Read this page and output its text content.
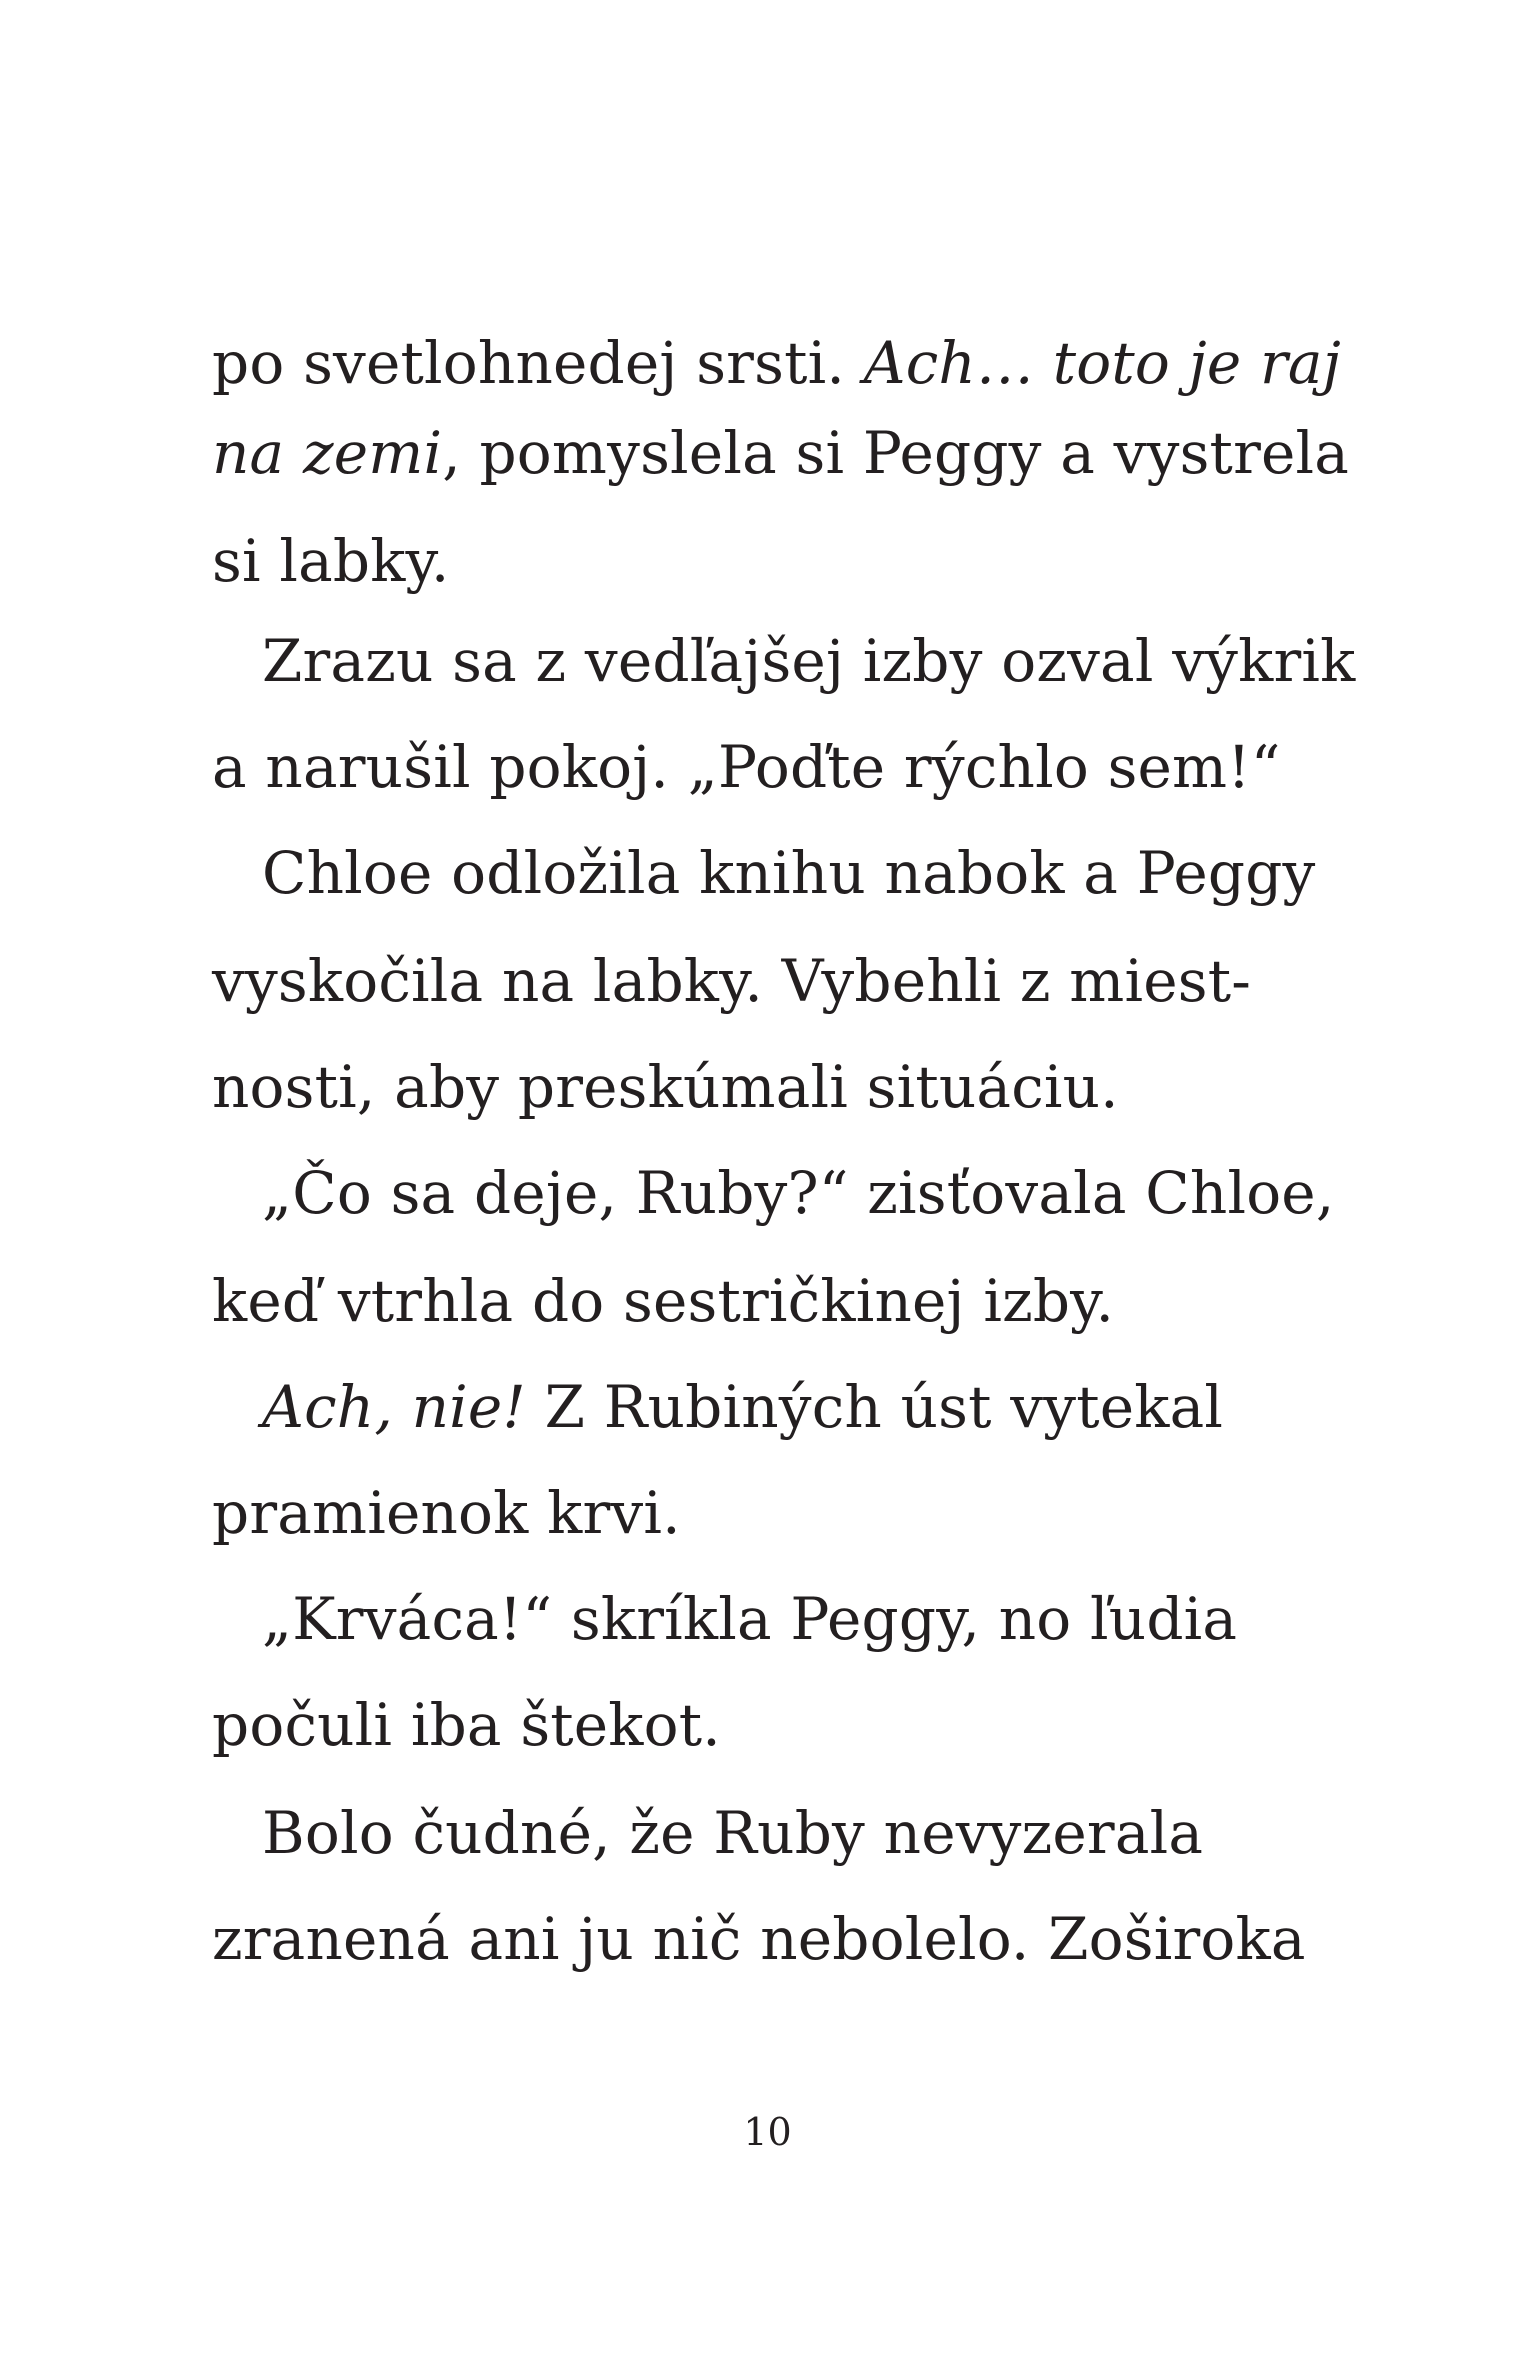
po svetlohnedej srsti. Ach… toto je raj
na zemi, pomyslela si Peggy a vystrela
si labky.
Zrazu sa z vedľajšej izby ozval výkrik
a narušil pokoj. „Poďte rýchlo sem!“
Chloe odložila knihu nabok a Peggy
vyskočila na labky. Vybehli z miest-
nosti, aby preskúmali situáciu.
„Čo sa deje, Ruby?“ zisťovala Chloe,
keď vtrhla do sestričkinej izby.
Ach, nie! Z Rubiných úst vytekal
pramienok krvi.
„Krváca!“ skríkla Peggy, no ľudia
počuli iba štekot.
Bolo čudné, že Ruby nevyzerala
zranená ani ju nič nebolelo. Zoširoka
10
